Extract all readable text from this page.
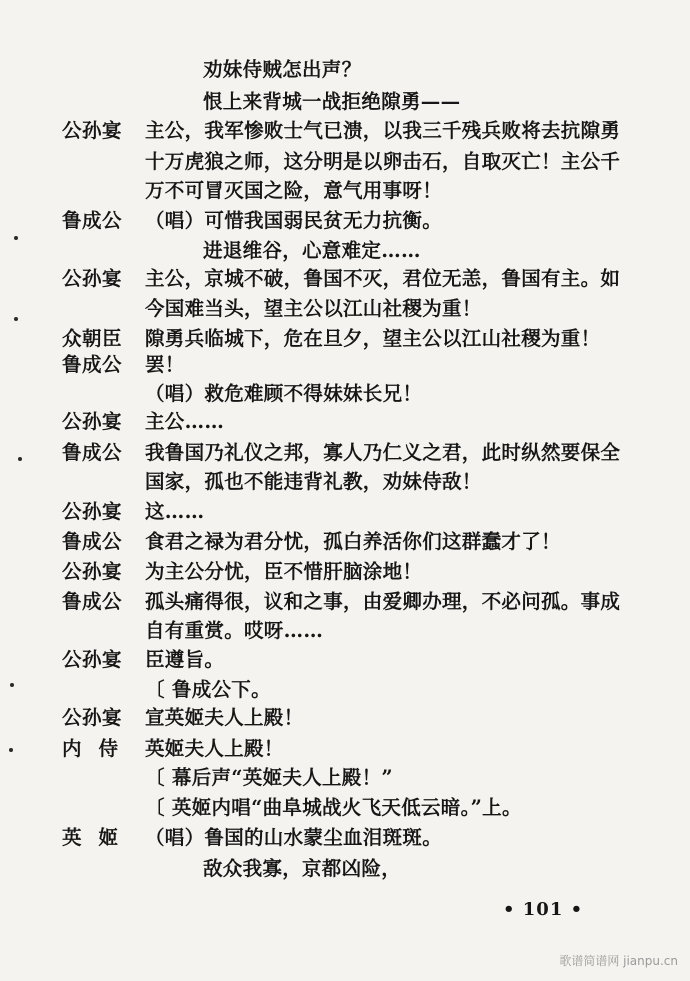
劝妹侍贼怎出声？
恨上来背城一战拒绝隙勇——
公孙宴	主公，我军惨败士气已溃，以我三千残兵败将去抗隙勇
十万虎狼之师，这分明是以卵击石，自取灭亡！主公千
万不可冒灭国之险，意气用事呀！
鲁成公	（唱）可惜我国弱民贫无力抗衡。
进退维谷，心意难定……
公孙宴	主公，京城不破，鲁国不灭，君位无恙，鲁国有主。如
今国难当头，望主公以江山社稷为重！
众朝臣	隙勇兵临城下，危在旦夕，望主公以江山社稷为重！
鲁成公	罢！
（唱）救危难顾不得妹妹长兄！
公孙宴	主公……
鲁成公	我鲁国乃礼仪之邦，寡人乃仁义之君，此时纵然要保全
国家，孤也不能违背礼教，劝妹侍敌！
公孙宴	这……
鲁成公	食君之禄为君分忧，孤白养活你们这群蠢才了！
公孙宴	为主公分忧，臣不惜肝脑涂地！
鲁成公	孤头痛得很，议和之事，由爱卿办理，不必问孤。事成
自有重赏。哎呀……
公孙宴	臣遵旨。
〔 鲁成公下。
公孙宴	宣英姬夫人上殿！
内侍 英姬夫人上殿！
〔 幕后声“英姬夫人上殿！”
〔 英姬内唱“曲阜城战火飞天低云暗。”上。
英姬 （唱）鲁国的山水蒙尘血泪斑斑。
敌众我寡，京都凶险，
• 101 •
歌谱简谱网 jianpu.cn
